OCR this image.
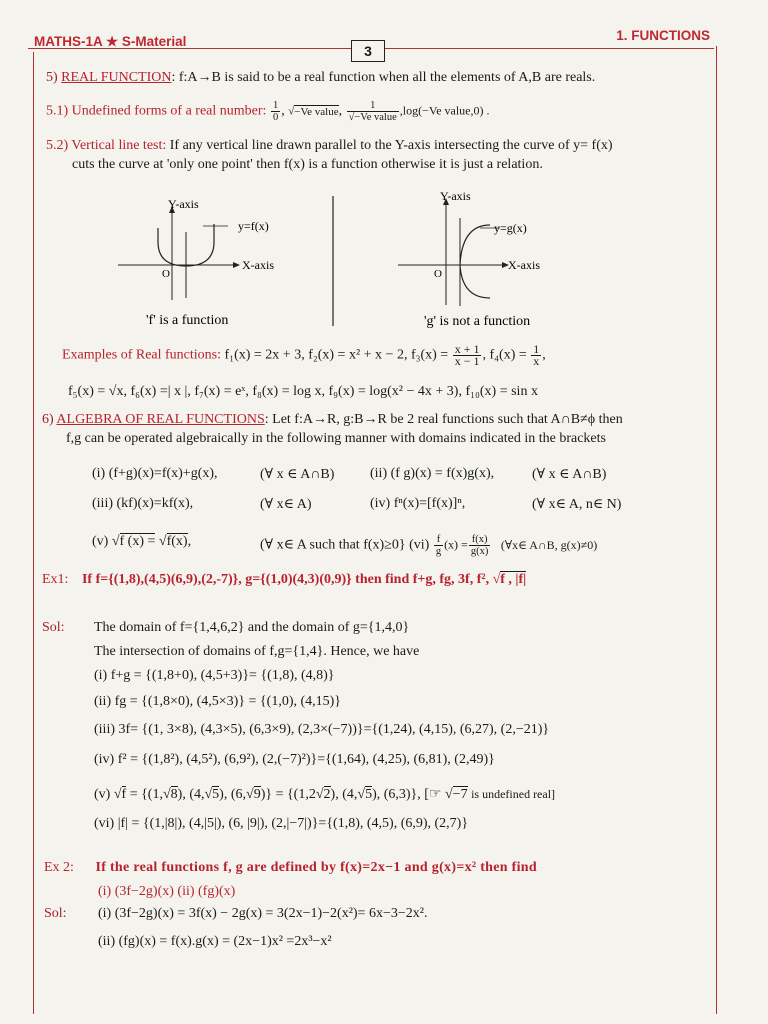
MATHS-1A ★ S-Material
3
1. FUNCTIONS
5) REAL FUNCTION: f:A→B is said to be a real function when all the elements of A,B are reals.
5.1) Undefined forms of a real number: $\frac{1}{0}$ , √−Ve value,	1
√−Ve value ,log(−Ve value,0) .
5.2) Vertical line test: If any vertical line drawn parallel to the Y-axis intersecting the curve of y= f(x)
cuts the curve at 'only one point' then f(x) is a function otherwise it is just a relation.
Y-axis
y=f(x)
X-axis
O
'f' is a function
Y-axis
y=g(x)
X-axis
O
'g' is not a function
Examples of Real functions: f₁(x) = 2x + 3, f₂(x) = x² + x − 2, $f_3(x) = \frac{x + 1}{x - 1}$ , $f_4(x) = \frac{1}{x}$ ,
f₅(x) = √x, f₆(x) =| x |, f₇(x) = eˣ, f₈(x) = log x, f₉(x) = log(x² − 4x + 3), f₁₀(x) = sin x
6) ALGEBRA OF REAL FUNCTIONS: Let f:A→R, g:B→R be 2 real functions such that A∩B≠ϕ then
f,g can be operated algebraically in the following manner with domains indicated in the brackets
(i) (f+g)(x)=f(x)+g(x),	(∀ x ∈ A∩B)	(ii) (f g)(x) = f(x)g(x),	(∀ x ∈ A∩B)
(iii) (kf)(x)=kf(x),	(∀ x∈ A)	(iv) fⁿ(x)=[f(x)]ⁿ,	(∀ x∈ A, n∈ N)
(v) √f (x) = √f(x),	(∀ x∈ A such that f(x)≥0} $(vi) \frac{f}{g} (x) = \frac{f(x)}{g(x)}$ (∀x∈ A∩B, g(x)≠0)
Ex1: If f={(1,8),(4,5)(6,9),(2,-7)}, g={(1,0)(4,3)(0,9)} then find f+g, fg, 3f, f², √f , |f|
Sol: The domain of f={1,4,6,2} and the domain of g={1,4,0}
The intersection of domains of f,g={1,4}. Hence, we have
(i) f+g = {(1,8+0), (4,5+3)}= {(1,8), (4,8)}
(ii) fg = {(1,8×0), (4,5×3)} = {(1,0), (4,15)}
(iii) 3f= {(1, 3×8), (4,3×5), (6,3×9), (2,3×(−7))}={(1,24), (4,15), (6,27), (2,−21)}
(iv) f² = {(1,8²), (4,5²), (6,9²), (2,(−7)²)}={(1,64), (4,25), (6,81), (2,49)}
(v) √f = {(1,√8), (4,√5), (6,√9)} = {(1,2√2), (4,√5), (6,3)}, [☞ √−7 is undefined real]
(vi) |f| = {(1,|8|), (4,|5|), (6, |9|), (2,|−7|)}={(1,8), (4,5), (6,9), (2,7)}
Ex 2: If the real functions f, g are defined by f(x)=2x−1 and g(x)=x² then find
(i) (3f−2g)(x) (ii) (fg)(x)
Sol: (i) (3f−2g)(x) = 3f(x) − 2g(x) = 3(2x−1)−2(x²)= 6x−3−2x².
(ii) (fg)(x) = f(x).g(x) = (2x−1)x² =2x³−x²
